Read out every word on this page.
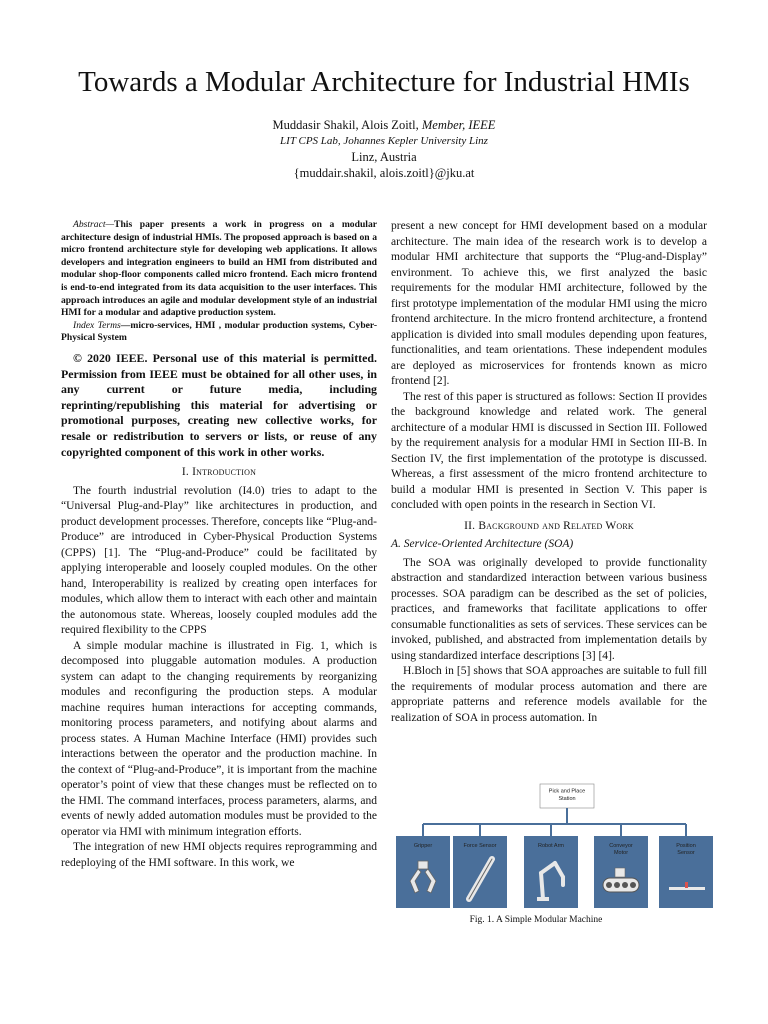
Towards a Modular Architecture for Industrial HMIs
Muddasir Shakil, Alois Zoitl, Member, IEEE
LIT CPS Lab, Johannes Kepler University Linz
Linz, Austria
{muddair.shakil, alois.zoitl}@jku.at

Abstract—This paper presents a work in progress on a modular architecture design of industrial HMIs. The proposed approach is based on a micro frontend architecture style for developing web applications. It allows developers and integration engineers to build an HMI from distributed and modular shop-floor components called micro frontend. Each micro frontend is end-to-end integrated from its data acquisition to the user interfaces. This approach introduces an agile and modular development style of an industrial HMI for a modular and adaptive production system.

Index Terms—micro-services, HMI , modular production systems, Cyber-Physical System

© 2020 IEEE. Personal use of this material is permitted. Permission from IEEE must be obtained for all other uses, in any current or future media, including reprinting/republishing this material for advertising or promotional purposes, creating new collective works, for resale or redistribution to servers or lists, or reuse of any copyrighted component of this work in other works.

I. Introduction

The fourth industrial revolution (I4.0) tries to adapt to the “Universal Plug-and-Play” like architectures in production, and product development processes. Therefore, concepts like “Plug-and-Produce” are introduced in Cyber-Physical Production Systems (CPPS) [1]. The “Plug-and-Produce” could be facilitated by applying interoperable and loosely coupled modules. On the other hand, Interoperability is realized by creating open interfaces for modules, which allow them to interact with each other and maintain the autonomous state. Whereas, loosely coupled modules add the required flexibility to the CPPS

A simple modular machine is illustrated in Fig. 1, which is decomposed into pluggable automation modules. A production system can adapt to the changing requirements by reorganizing modules and reconfiguring the production steps. A modular machine requires human interactions for accepting commands, monitoring process parameters, and notifying about alarms and process states. A Human Machine Interface (HMI) provides such interactions between the operator and the production machine. In the context of “Plug-and-Produce”, it is important from the machine operator’s point of view that these changes must be reflected on to the HMI. The command interfaces, process parameters, alarms, and events of newly added automation modules must be provided to the operator via HMI with minimum integration efforts.

The integration of new HMI objects requires reprogramming and redeploying of the HMI software. In this work, we

present a new concept for HMI development based on a modular architecture. The main idea of the research work is to develop a modular HMI architecture that supports the “Plug-and-Display” environment. To achieve this, we first analyzed the basic requirements for the modular HMI architecture, followed by the first prototype implementation of the modular HMI using the micro frontend architecture. In the micro frontend architecture, a frontend application is divided into small modules depending upon features, functionalities, and team orientations. These independent modules are deployed as microservices for frontends known as micro frontend [2].

The rest of this paper is structured as follows: Section II provides the background knowledge and related work. The general architecture of a modular HMI is discussed in Section III. Followed by the requirement analysis for a modular HMI in Section III-B. In Section IV, the first implementation of the prototype is discussed. Whereas, a first assessment of the micro frontend architecture to build a modular HMI is presented in Section V. This paper is concluded with open points in the research in Section VI.

II. Background and Related Work
A. Service-Oriented Architecture (SOA)

The SOA was originally developed to provide functionality abstraction and standardized interaction between various business processes. SOA paradigm can be described as the set of policies, practices, and frameworks that facilitate applications to offer consumable functionalities as sets of services. These services can be invoked, published, and abstracted from implementation details by using standardized interface descriptions [3] [4].

H.Bloch in [5] shows that SOA approaches are suitable to full fill the requirements of modular process automation and there are appropriate patterns and reference models available for the realization of SOA in process automation. In

Pick and Place
Station
Gripper	Force Sensor	Robot Arm	Conveyor
Motor
Position
Sensor
Fig. 1. A Simple Modular Machine
